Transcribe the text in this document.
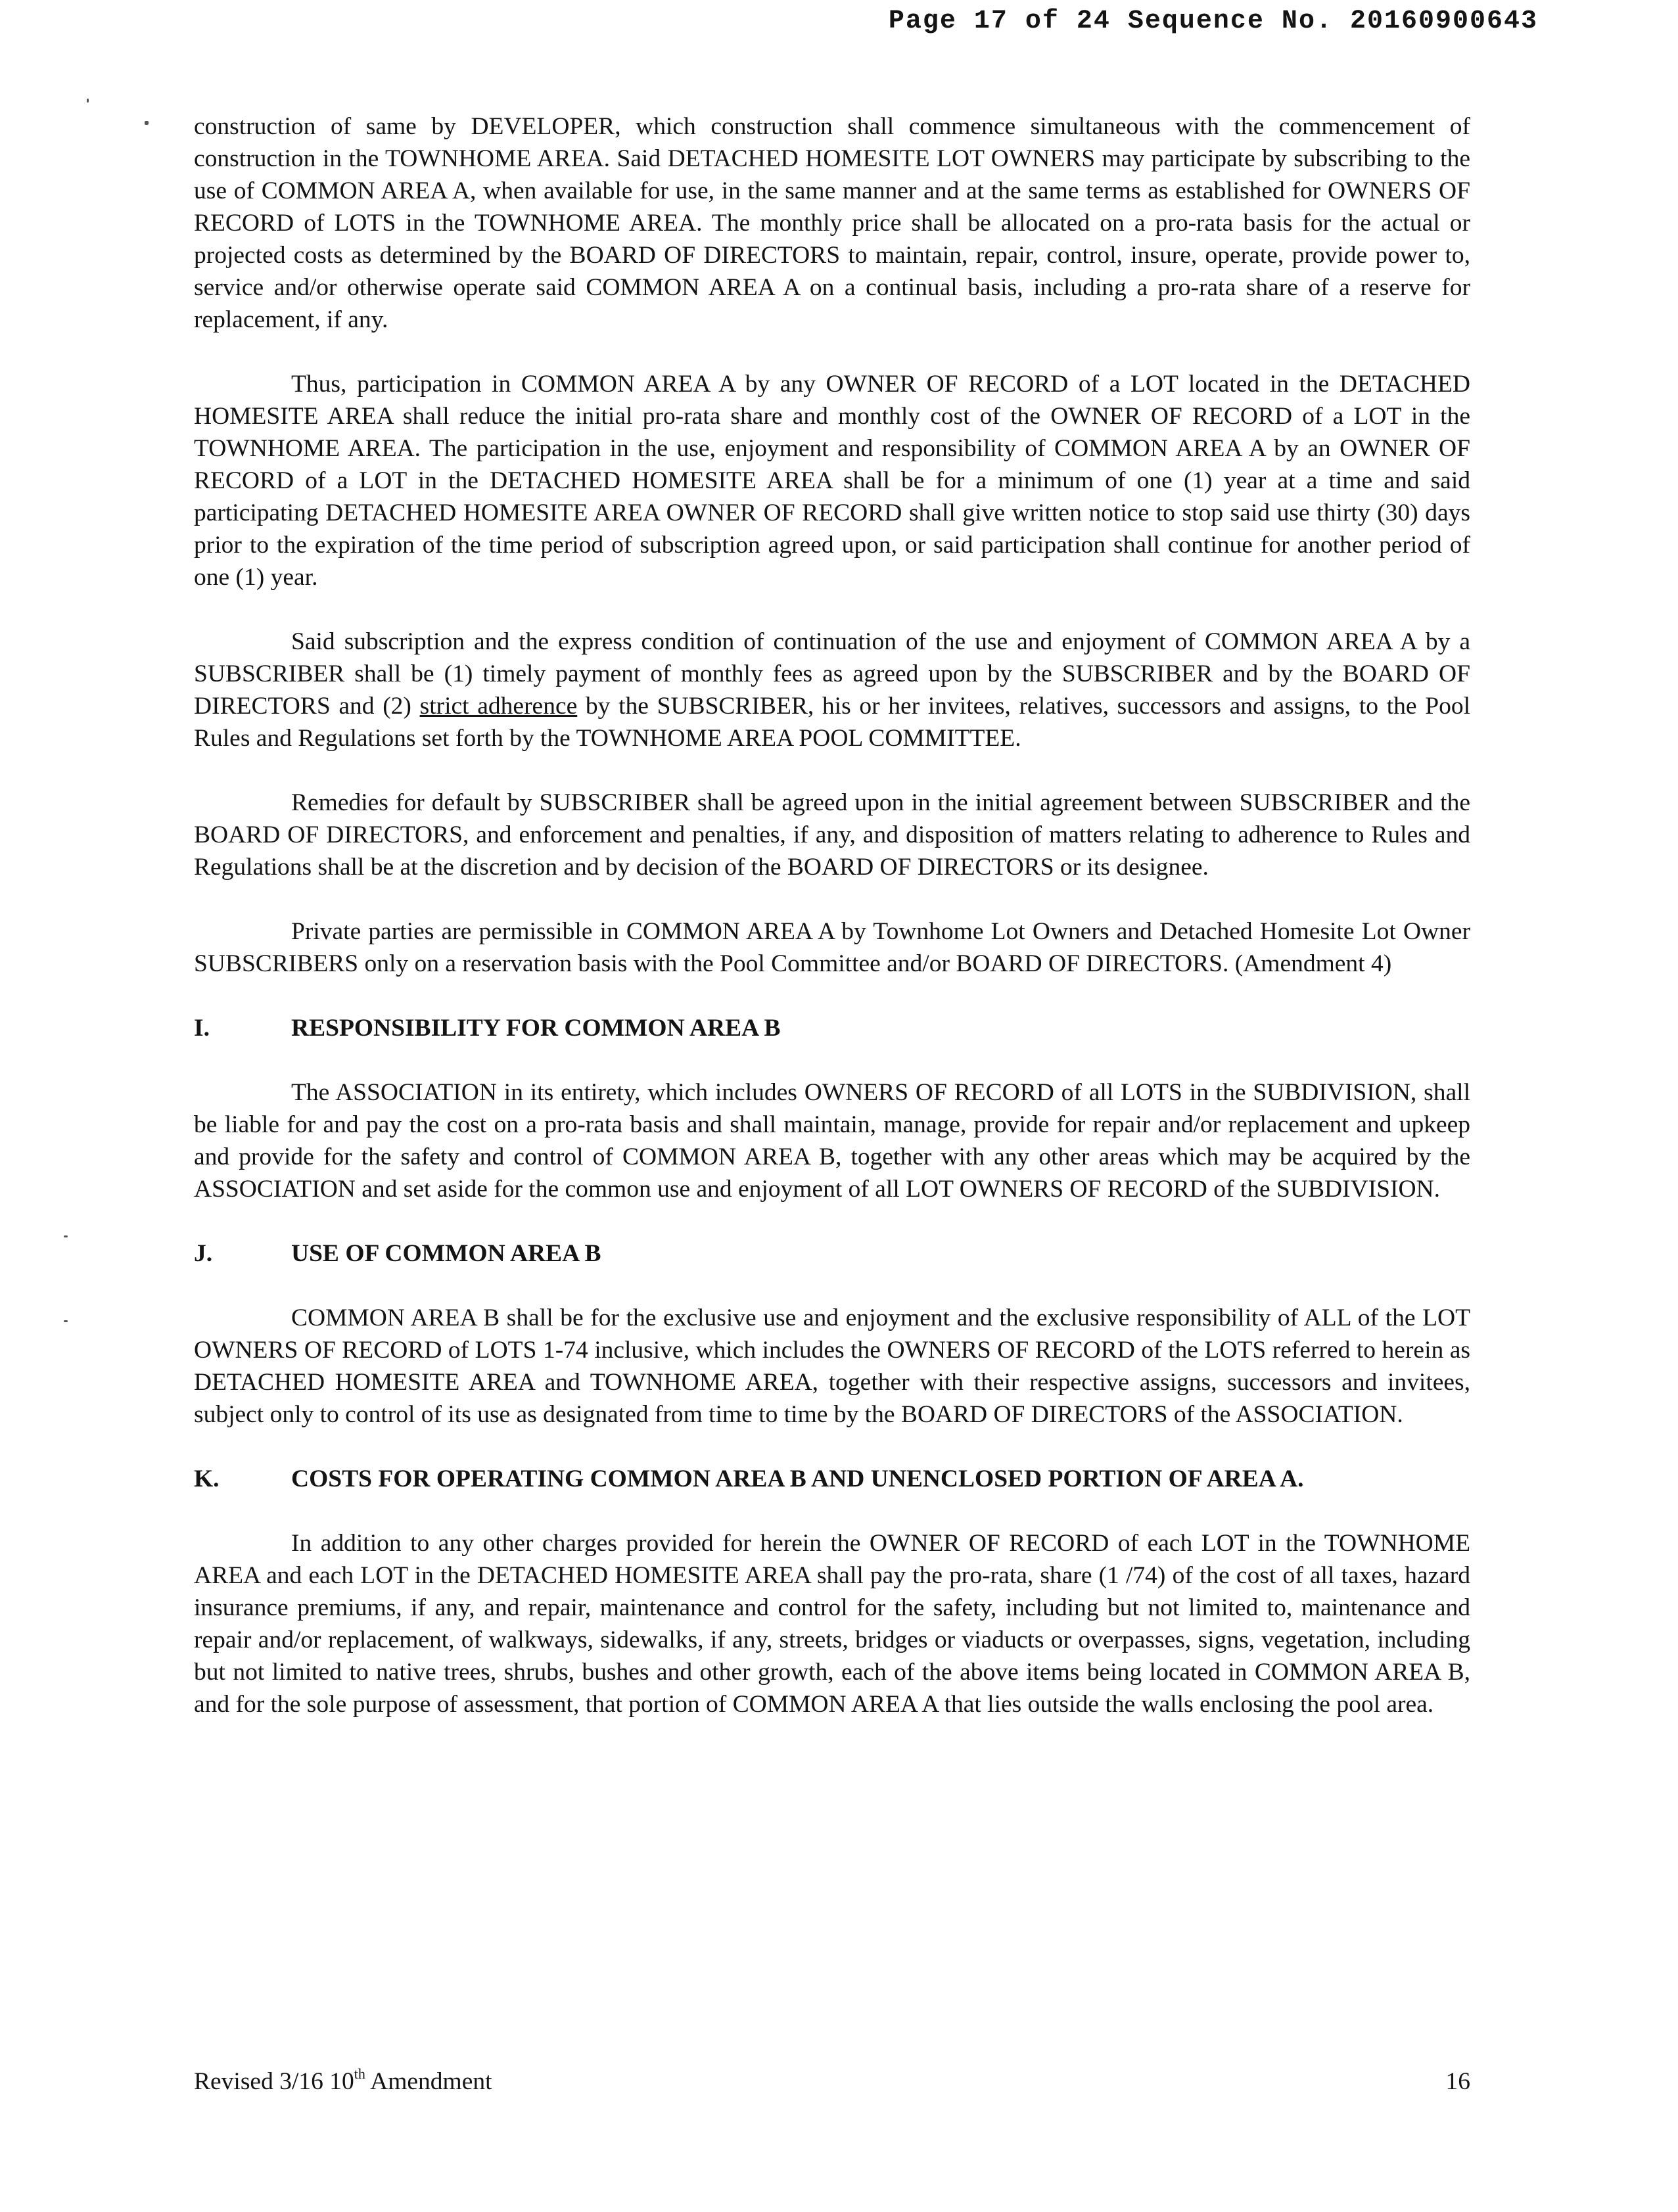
Page 17 of 24 Sequence No. 20160900643

construction of same by DEVELOPER, which construction shall commence simultaneous with the commencement of construction in the TOWNHOME AREA. Said DETACHED HOMESITE LOT OWNERS may participate by subscribing to the use of COMMON AREA A, when available for use, in the same manner and at the same terms as established for OWNERS OF RECORD of LOTS in the TOWNHOME AREA. The monthly price shall be allocated on a pro-rata basis for the actual or projected costs as determined by the BOARD OF DIRECTORS to maintain, repair, control, insure, operate, provide power to, service and/or otherwise operate said COMMON AREA A on a continual basis, including a pro-rata share of a reserve for replacement, if any.

Thus, participation in COMMON AREA A by any OWNER OF RECORD of a LOT located in the DETACHED HOMESITE AREA shall reduce the initial pro-rata share and monthly cost of the OWNER OF RECORD of a LOT in the TOWNHOME AREA. The participation in the use, enjoyment and responsibility of COMMON AREA A by an OWNER OF RECORD of a LOT in the DETACHED HOMESITE AREA shall be for a minimum of one (1) year at a time and said participating DETACHED HOMESITE AREA OWNER OF RECORD shall give written notice to stop said use thirty (30) days prior to the expiration of the time period of subscription agreed upon, or said participation shall continue for another period of one (1) year.

Said subscription and the express condition of continuation of the use and enjoyment of COMMON AREA A by a SUBSCRIBER shall be (1) timely payment of monthly fees as agreed upon by the SUBSCRIBER and by the BOARD OF DIRECTORS and (2) strict adherence by the SUBSCRIBER, his or her invitees, relatives, successors and assigns, to the Pool Rules and Regulations set forth by the TOWNHOME AREA POOL COMMITTEE.

Remedies for default by SUBSCRIBER shall be agreed upon in the initial agreement between SUBSCRIBER and the BOARD OF DIRECTORS, and enforcement and penalties, if any, and disposition of matters relating to adherence to Rules and Regulations shall be at the discretion and by decision of the BOARD OF DIRECTORS or its designee.

Private parties are permissible in COMMON AREA A by Townhome Lot Owners and Detached Homesite Lot Owner SUBSCRIBERS only on a reservation basis with the Pool Committee and/or BOARD OF DIRECTORS. (Amendment 4)

I.	RESPONSIBILITY FOR COMMON AREA B

The ASSOCIATION in its entirety, which includes OWNERS OF RECORD of all LOTS in the SUBDIVISION, shall be liable for and pay the cost on a pro-rata basis and shall maintain, manage, provide for repair and/or replacement and upkeep and provide for the safety and control of COMMON AREA B, together with any other areas which may be acquired by the ASSOCIATION and set aside for the common use and enjoyment of all LOT OWNERS OF RECORD of the SUBDIVISION.

J.	USE OF COMMON AREA B

COMMON AREA B shall be for the exclusive use and enjoyment and the exclusive responsibility of ALL of the LOT OWNERS OF RECORD of LOTS 1-74 inclusive, which includes the OWNERS OF RECORD of the LOTS referred to herein as DETACHED HOMESITE AREA and TOWNHOME AREA, together with their respective assigns, successors and invitees, subject only to control of its use as designated from time to time by the BOARD OF DIRECTORS of the ASSOCIATION.

K.	COSTS FOR OPERATING COMMON AREA B AND UNENCLOSED PORTION OF AREA A.

In addition to any other charges provided for herein the OWNER OF RECORD of each LOT in the TOWNHOME AREA and each LOT in the DETACHED HOMESITE AREA shall pay the pro-rata, share (1 /74) of the cost of all taxes, hazard insurance premiums, if any, and repair, maintenance and control for the safety, including but not limited to, maintenance and repair and/or replacement, of walkways, sidewalks, if any, streets, bridges or viaducts or overpasses, signs, vegetation, including but not limited to native trees, shrubs, bushes and other growth, each of the above items being located in COMMON AREA B, and for the sole purpose of assessment, that portion of COMMON AREA A that lies outside the walls enclosing the pool area.

Revised 3/16 10th Amendment	16
